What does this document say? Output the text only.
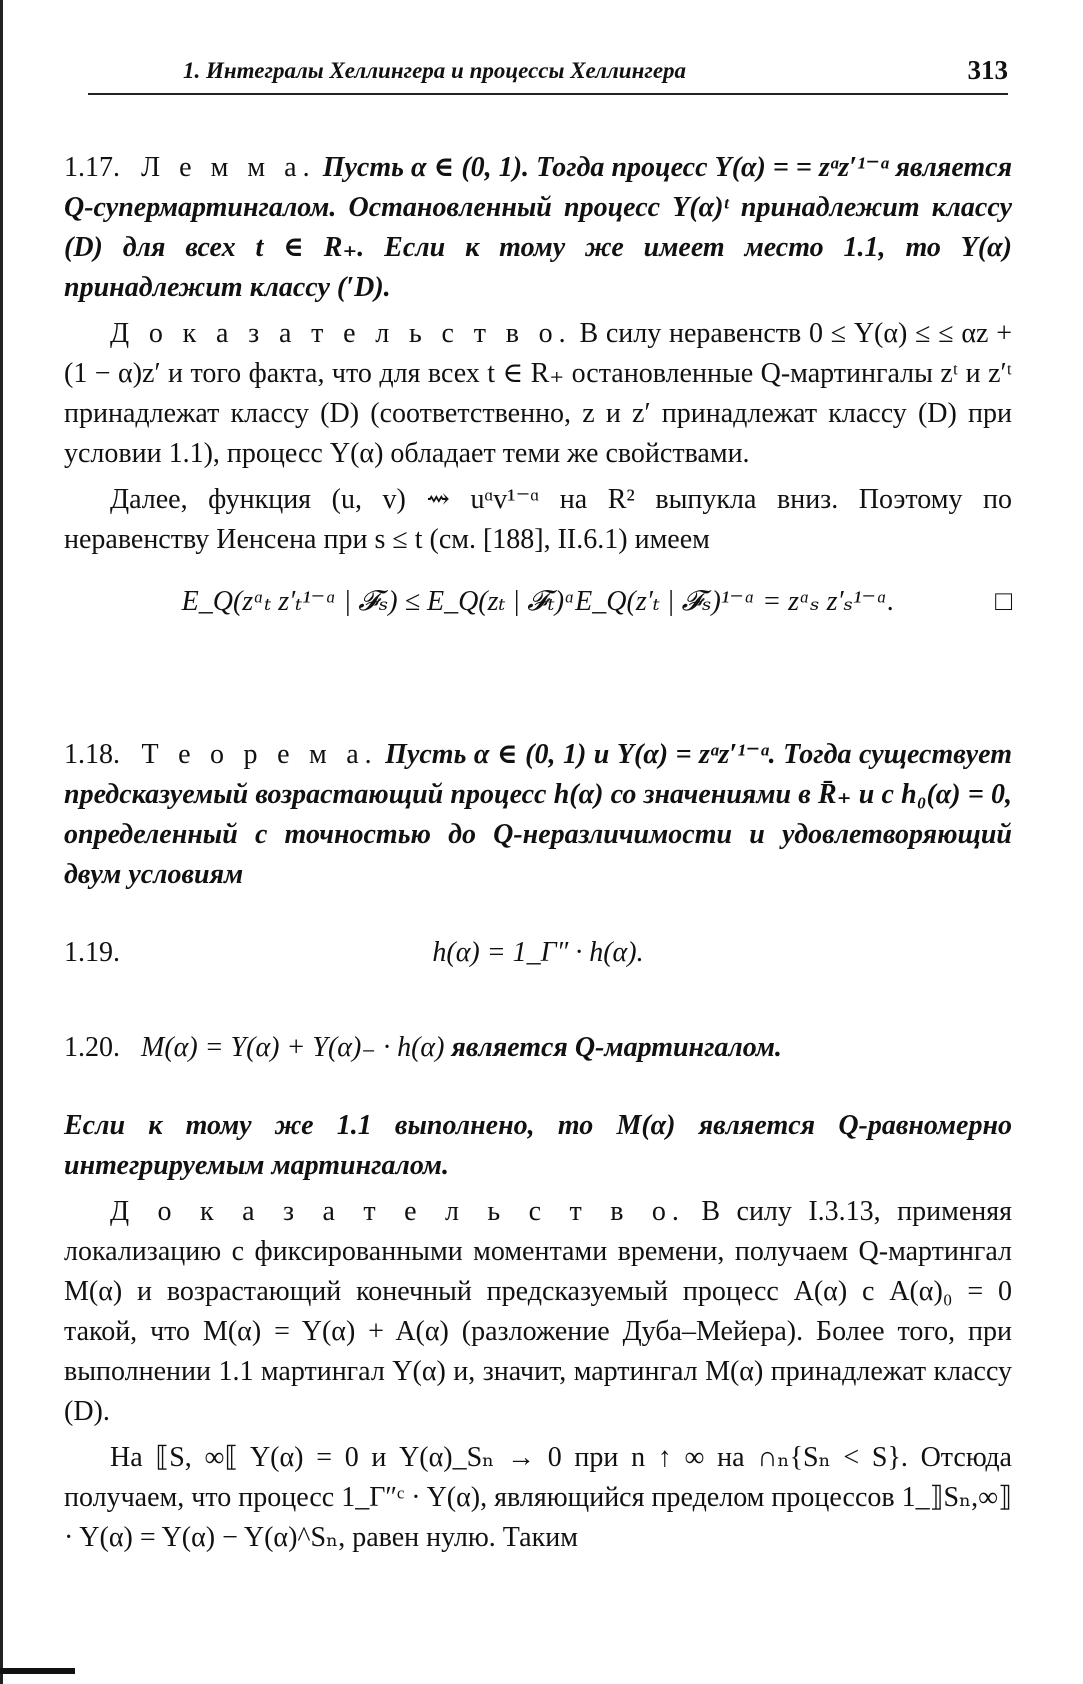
1. Интегралы Хеллингера и процессы Хеллингера	313

1.17. Л е м м а. Пусть α ∈ (0, 1). Тогда процесс Y(α) = = zᵅz′¹⁻ᵅ является Q-супермартингалом. Остановленный процесс Y(α)ᵗ принадлежит классу (D) для всех t ∈ R₊. Если к тому же имеет место 1.1, то Y(α) принадлежит классу (′D).

Д о к а з а т е л ь с т в о. В силу неравенств 0 ≤ Y(α) ≤ ≤ αz + (1 − α)z′ и того факта, что для всех t ∈ R₊ остановленные Q-мартингалы zᵗ и z′ᵗ принадлежат классу (D) (соответственно, z и z′ принадлежат классу (D) при условии 1.1), процесс Y(α) обладает теми же свойствами.

Далее, функция (u, v) ⇝ uᵅv¹⁻ᵅ на R² выпукла вниз. Поэтому по неравенству Иенсена при s ≤ t (см. [188], II.6.1) имеем

E_Q(zᵅₜ z′ₜ¹⁻ᵅ | 𝓕ₛ) ≤ E_Q(zₜ | 𝓕ₜ)ᵅE_Q(z′ₜ | 𝓕ₛ)¹⁻ᵅ = zᵅₛ z′ₛ¹⁻ᵅ.	□

1.18. Т е о р е м а. Пусть α ∈ (0, 1) и Y(α) = zᵅz′¹⁻ᵅ. Тогда существует предсказуемый возрастающий процесс h(α) со значениями в R̄₊ и с h₀(α) = 0, определенный с точностью до Q-неразличимости и удовлетворяющий двум условиям

1.19.	h(α) = 1_Γ″ · h(α).
1.20. M(α) = Y(α) + Y(α)₋ · h(α) является Q-мартингалом.

Если к тому же 1.1 выполнено, то M(α) является Q-равномерно интегрируемым мартингалом.

Д о к а з а т е л ь с т в о. В силу I.3.13, применяя локализацию с фиксированными моментами времени, получаем Q-мартингал M(α) и возрастающий конечный предсказуемый процесс A(α) с A(α)₀ = 0 такой, что M(α) = Y(α) + A(α) (разложение Дуба–Мейера). Более того, при выполнении 1.1 мартингал Y(α) и, значит, мартингал M(α) принадлежат классу (D).

На ⟦S, ∞⟦ Y(α) = 0 и Y(α)_Sₙ → 0 при n ↑ ∞ на ∩ₙ{Sₙ < S}. Отсюда получаем, что процесс 1_Γ″ᶜ · Y(α), являющийся пределом процессов 1_⟧Sₙ,∞⟧ · Y(α) = Y(α) − Y(α)^Sₙ, равен нулю. Таким
